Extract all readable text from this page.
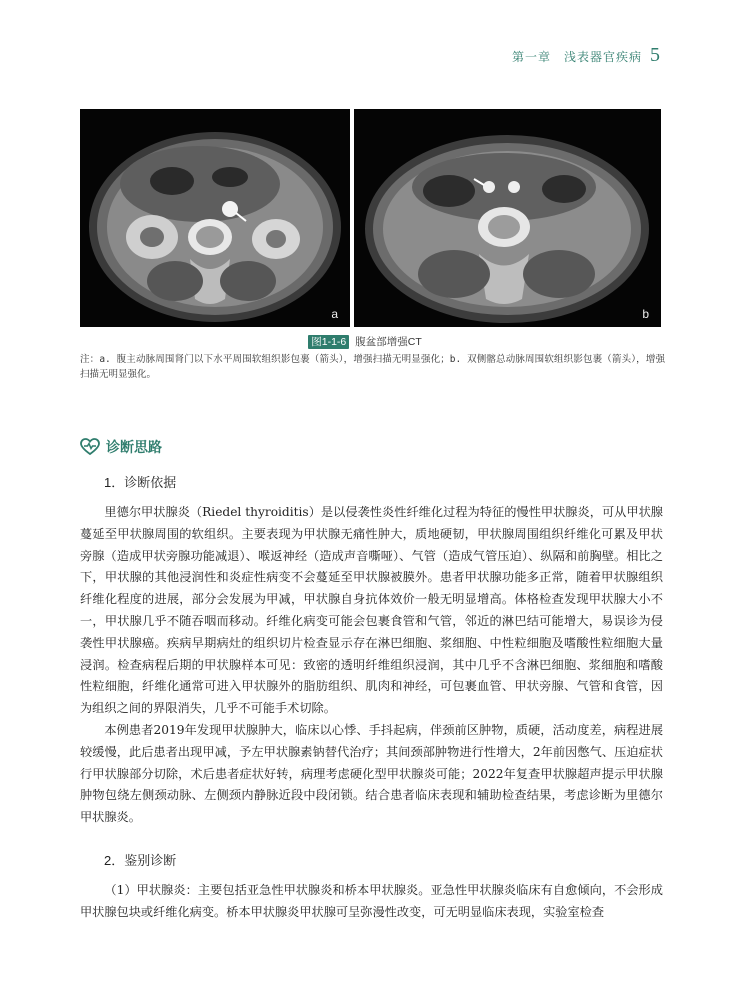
第一章　浅表器官疾病 5
a	b
图1-1-6 腹盆部增强CT
注：a. 腹主动脉周围肾门以下水平周围软组织影包裹（箭头），增强扫描无明显强化；b. 双侧髂总动脉周围软组织影包裹（箭头），增强扫描无明显强化。
诊断思路
1．诊断依据

里德尔甲状腺炎（Riedel thyroiditis）是以侵袭性炎性纤维化过程为特征的慢性甲状腺炎，可从甲状腺蔓延至甲状腺周围的软组织。主要表现为甲状腺无痛性肿大，质地硬韧，甲状腺周围组织纤维化可累及甲状旁腺（造成甲状旁腺功能减退）、喉返神经（造成声音嘶哑）、气管（造成气管压迫）、纵隔和前胸壁。相比之下，甲状腺的其他浸润性和炎症性病变不会蔓延至甲状腺被膜外。患者甲状腺功能多正常，随着甲状腺组织纤维化程度的进展，部分会发展为甲减，甲状腺自身抗体效价一般无明显增高。体格检查发现甲状腺大小不一，甲状腺几乎不随吞咽而移动。纤维化病变可能会包裹食管和气管，邻近的淋巴结可能增大，易误诊为侵袭性甲状腺癌。疾病早期病灶的组织切片检查显示存在淋巴细胞、浆细胞、中性粒细胞及嗜酸性粒细胞大量浸润。检查病程后期的甲状腺样本可见：致密的透明纤维组织浸润，其中几乎不含淋巴细胞、浆细胞和嗜酸性粒细胞，纤维化通常可进入甲状腺外的脂肪组织、肌肉和神经，可包裹血管、甲状旁腺、气管和食管，因为组织之间的界限消失，几乎不可能手术切除。

本例患者2019年发现甲状腺肿大，临床以心悸、手抖起病，伴颈前区肿物，质硬，活动度差，病程进展较缓慢，此后患者出现甲减，予左甲状腺素钠替代治疗；其间颈部肿物进行性增大，2年前因憋气、压迫症状行甲状腺部分切除，术后患者症状好转，病理考虑硬化型甲状腺炎可能；2022年复查甲状腺超声提示甲状腺肿物包绕左侧颈动脉、左侧颈内静脉近段中段闭锁。结合患者临床表现和辅助检查结果，考虑诊断为里德尔甲状腺炎。

2．鉴别诊断

（1）甲状腺炎：主要包括亚急性甲状腺炎和桥本甲状腺炎。亚急性甲状腺炎临床有自愈倾向，不会形成甲状腺包块或纤维化病变。桥本甲状腺炎甲状腺可呈弥漫性改变，可无明显临床表现，实验室检查
